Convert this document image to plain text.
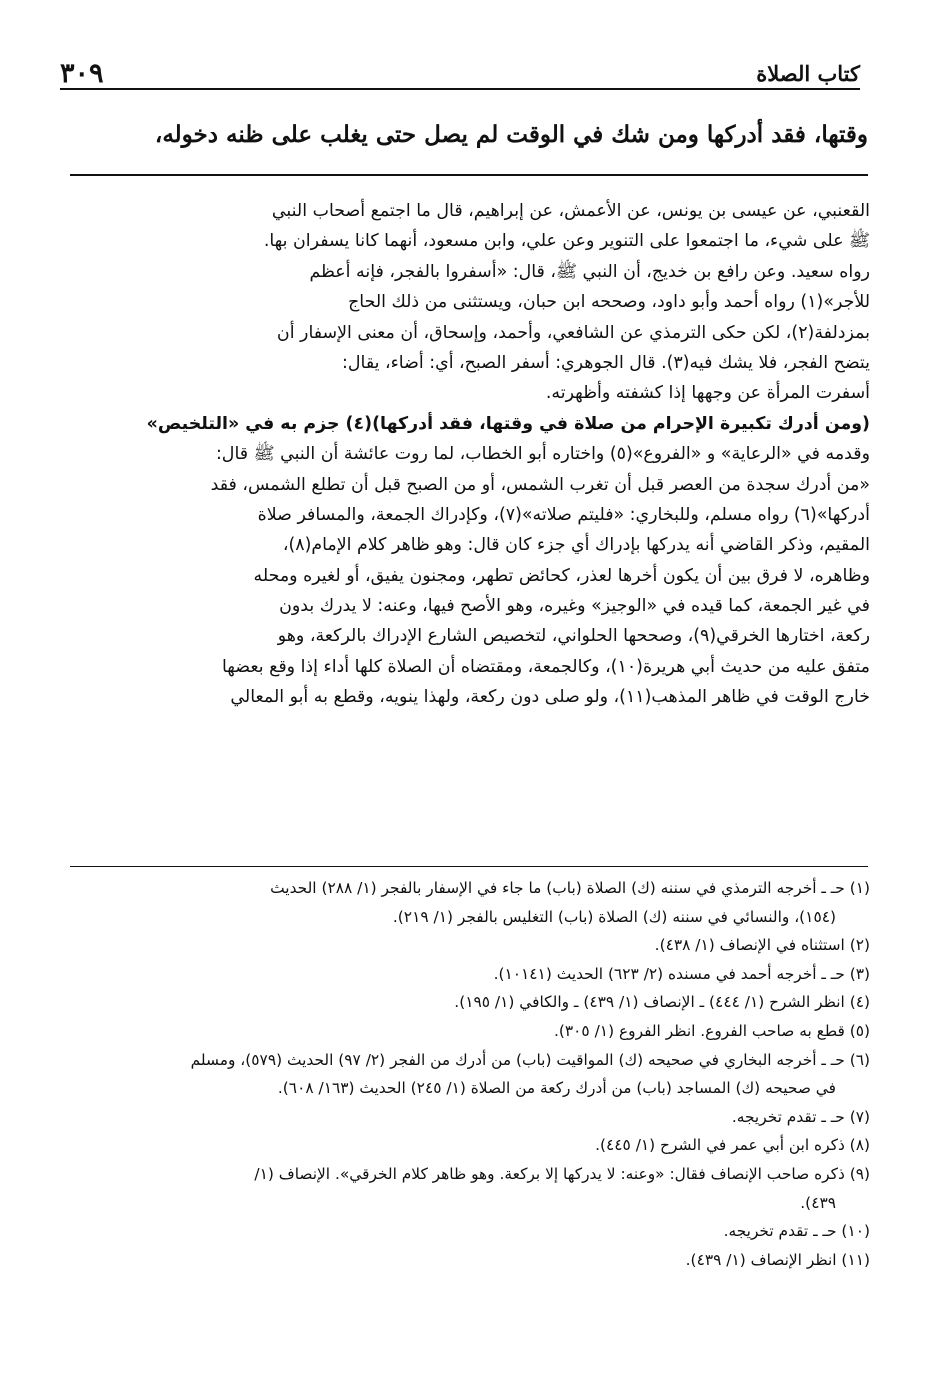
كتاب الصلاة
٣٠٩
وقتها، فقد أدركها ومن شك في الوقت لم يصل حتى يغلب على ظنه دخوله،
القعنبي، عن عيسى بن يونس، عن الأعمش، عن إبراهيم، قال ما اجتمع أصحاب النبي
ﷺ على شيء، ما اجتمعوا على التنوير وعن علي، وابن مسعود، أنهما كانا يسفران بها.
رواه سعيد. وعن رافع بن خديج، أن النبي ﷺ، قال: «أسفروا بالفجر، فإنه أعظم
للأجر»(١) رواه أحمد وأبو داود، وصححه ابن حبان، ويستثنى من ذلك الحاج
بمزدلفة(٢)، لكن حكى الترمذي عن الشافعي، وأحمد، وإسحاق، أن معنى الإسفار أن
يتضح الفجر، فلا يشك فيه(٣). قال الجوهري: أسفر الصبح، أي: أضاء، يقال:
أسفرت المرأة عن وجهها إذا كشفته وأظهرته.
(ومن أدرك تكبيرة الإحرام من صلاة في وقتها، فقد أدركها)(٤) جزم به في «التلخيص»
وقدمه في «الرعاية» و «الفروع»(٥) واختاره أبو الخطاب، لما روت عائشة أن النبي ﷺ قال:
«من أدرك سجدة من العصر قبل أن تغرب الشمس، أو من الصبح قبل أن تطلع الشمس، فقد
أدركها»(٦) رواه مسلم، وللبخاري: «فليتم صلاته»(٧)، وكإدراك الجمعة، والمسافر صلاة
المقيم، وذكر القاضي أنه يدركها بإدراك أي جزء كان قال: وهو ظاهر كلام الإمام(٨)،
وظاهره، لا فرق بين أن يكون أخرها لعذر، كحائض تطهر، ومجنون يفيق، أو لغيره ومحله
في غير الجمعة، كما قيده في «الوجيز» وغيره، وهو الأصح فيها، وعنه: لا يدرك بدون
ركعة، اختارها الخرقي(٩)، وصححها الحلواني، لتخصيص الشارع الإدراك بالركعة، وهو
متفق عليه من حديث أبي هريرة(١٠)، وكالجمعة، ومقتضاه أن الصلاة كلها أداء إذا وقع بعضها
خارج الوقت في ظاهر المذهب(١١)، ولو صلى دون ركعة، ولهذا ينويه، وقطع به أبو المعالي
(١) حـ ـ أخرجه الترمذي في سننه (ك) الصلاة (باب) ما جاء في الإسفار بالفجر (١/ ٢٨٨) الحديث
(١٥٤)، والنسائي في سننه (ك) الصلاة (باب) التغليس بالفجر (١/ ٢١٩).
(٢) استثناه في الإنصاف (١/ ٤٣٨).
(٣) حـ ـ أخرجه أحمد في مسنده (٢/ ٦٢٣) الحديث (١٠١٤١).
(٤) انظر الشرح (١/ ٤٤٤) ـ الإنصاف (١/ ٤٣٩) ـ والكافي (١/ ١٩٥).
(٥) قطع به صاحب الفروع. انظر الفروع (١/ ٣٠٥).
(٦) حـ ـ أخرجه البخاري في صحيحه (ك) المواقيت (باب) من أدرك من الفجر (٢/ ٩٧) الحديث (٥٧٩)، ومسلم
في صحيحه (ك) المساجد (باب) من أدرك ركعة من الصلاة (١/ ٢٤٥) الحديث (١٦٣/ ٦٠٨).
(٧) حـ ـ تقدم تخريجه.
(٨) ذكره ابن أبي عمر في الشرح (١/ ٤٤٥).
(٩) ذكره صاحب الإنصاف فقال: «وعنه: لا يدركها إلا بركعة. وهو ظاهر كلام الخرقي». الإنصاف (١/
٤٣٩).
(١٠) حـ ـ تقدم تخريجه.
(١١) انظر الإنصاف (١/ ٤٣٩).
